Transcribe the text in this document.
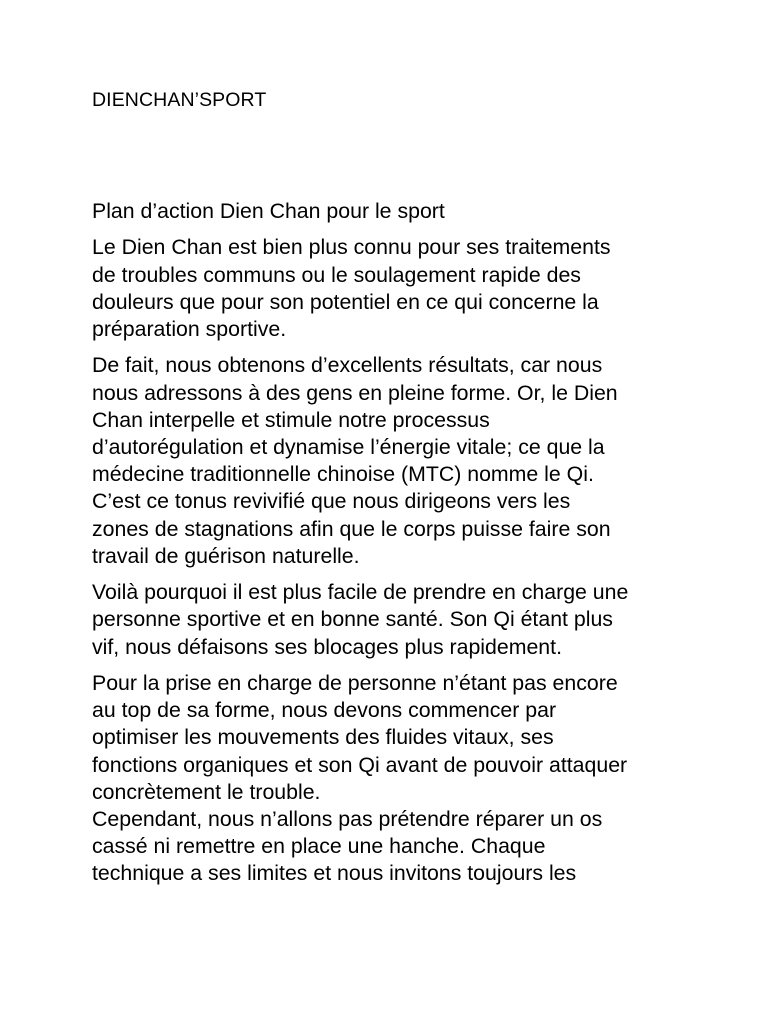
DIENCHAN’SPORT

Plan d’action Dien Chan pour le sport

Le Dien Chan est bien plus connu pour ses traitements
de troubles communs ou le soulagement rapide des
douleurs que pour son potentiel en ce qui concerne la
préparation sportive.

De fait, nous obtenons d’excellents résultats, car nous
nous adressons à des gens en pleine forme. Or, le Dien
Chan interpelle et stimule notre processus
d’autorégulation et dynamise l’énergie vitale; ce que la
médecine traditionnelle chinoise (MTC) nomme le Qi.
C’est ce tonus revivifié que nous dirigeons vers les
zones de stagnations afin que le corps puisse faire son
travail de guérison naturelle.

Voilà pourquoi il est plus facile de prendre en charge une
personne sportive et en bonne santé. Son Qi étant plus
vif, nous défaisons ses blocages plus rapidement.

Pour la prise en charge de personne n’étant pas encore
au top de sa forme, nous devons commencer par
optimiser les mouvements des fluides vitaux, ses
fonctions organiques et son Qi avant de pouvoir attaquer
concrètement le trouble.

Cependant, nous n’allons pas prétendre réparer un os
cassé ni remettre en place une hanche. Chaque
technique a ses limites et nous invitons toujours les
